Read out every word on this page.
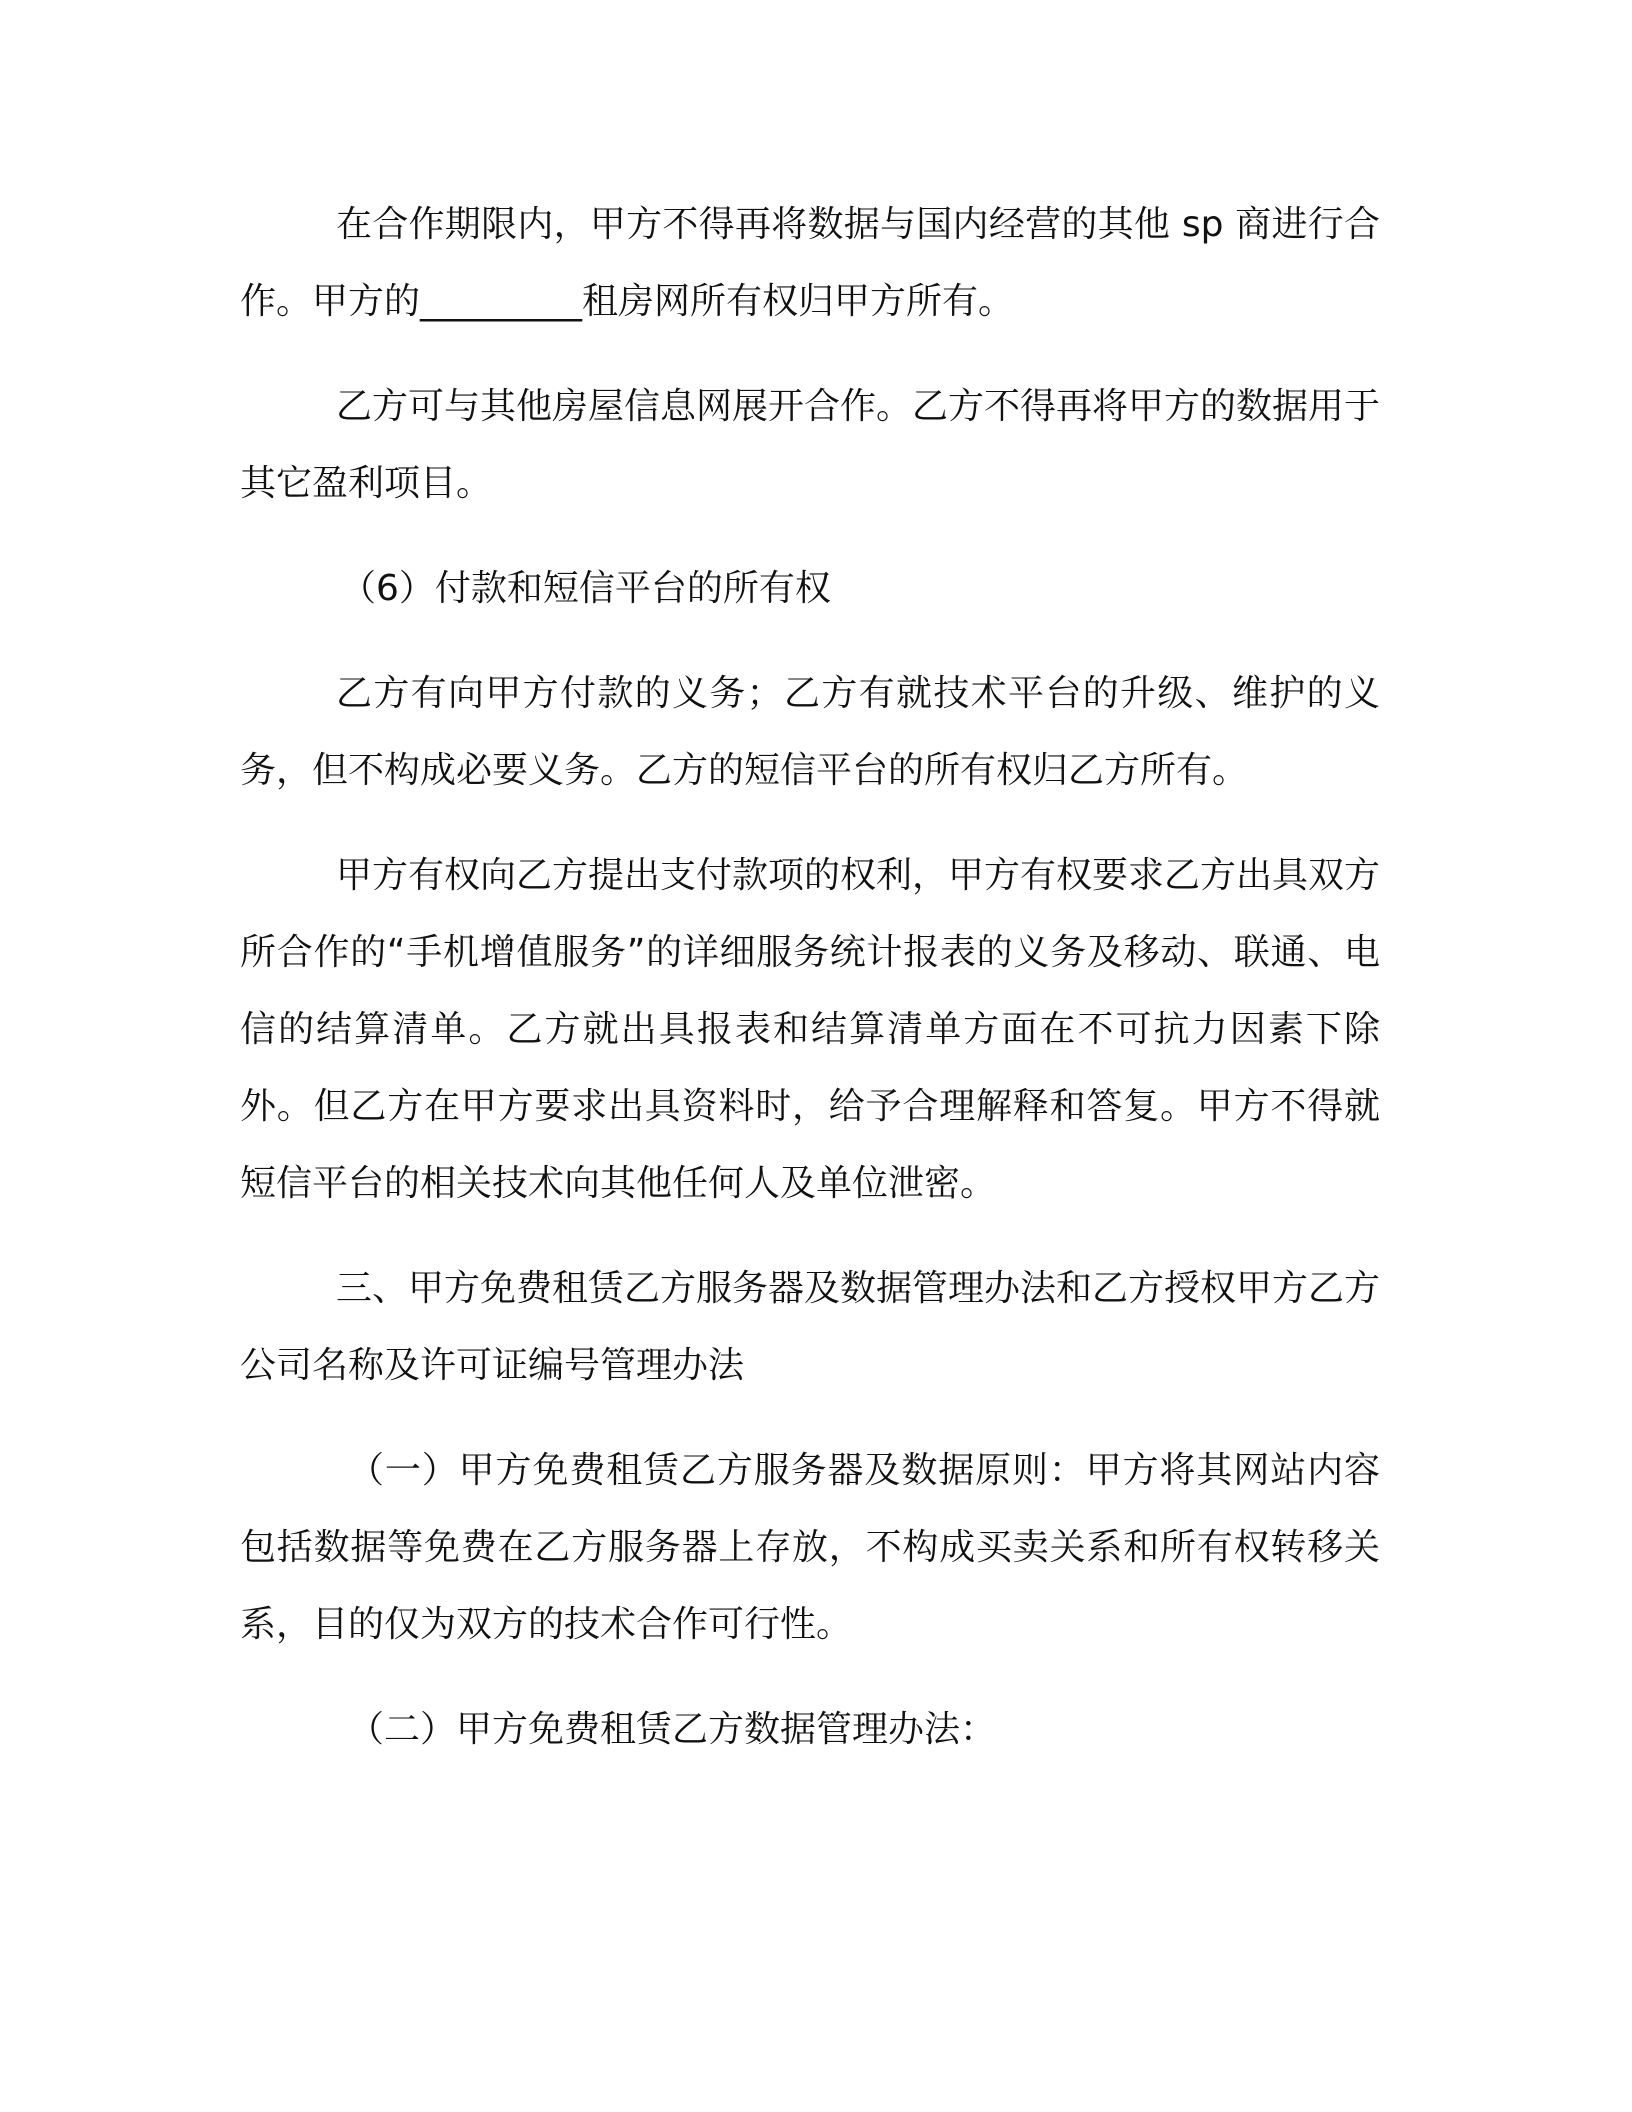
在合作期限内，甲方不得再将数据与国内经营的其他 sp 商进行合作。甲方的_________租房网所有权归甲方所有。

乙方可与其他房屋信息网展开合作。乙方不得再将甲方的数据用于其它盈利项目。

（6）付款和短信平台的所有权

乙方有向甲方付款的义务；乙方有就技术平台的升级、维护的义务，但不构成必要义务。乙方的短信平台的所有权归乙方所有。

甲方有权向乙方提出支付款项的权利，甲方有权要求乙方出具双方所合作的“手机增值服务”的详细服务统计报表的义务及移动、联通、电信的结算清单。乙方就出具报表和结算清单方面在不可抗力因素下除外。但乙方在甲方要求出具资料时，给予合理解释和答复。甲方不得就短信平台的相关技术向其他任何人及单位泄密。

三、甲方免费租赁乙方服务器及数据管理办法和乙方授权甲方乙方公司名称及许可证编号管理办法

（一）甲方免费租赁乙方服务器及数据原则：甲方将其网站内容包括数据等免费在乙方服务器上存放，不构成买卖关系和所有权转移关系，目的仅为双方的技术合作可行性。

（二）甲方免费租赁乙方数据管理办法：
